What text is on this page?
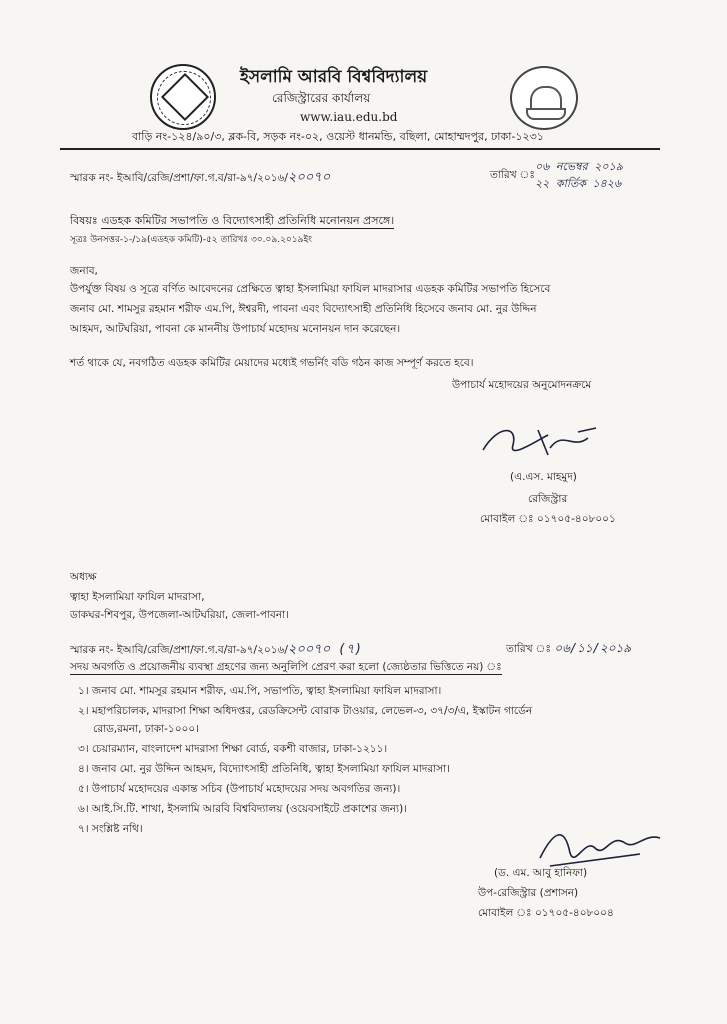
ইসলামি আরবি বিশ্ববিদ্যালয়
রেজিস্ট্রারের কার্যালয়
www.iau.edu.bd
বাড়ি নং-১২৪/৯০/৩, ব্লক-বি, সড়ক নং-০২, ওয়েস্ট ধানমন্ডি, বছিলা, মোহাম্মদপুর, ঢাকা-১২৩১
স্মারক নং- ইআবি/রেজি/প্রশা/ফা.গ.ব/রা-৯৭/২০১৬/২০০৭০	তারিখ ঃ
০৬ নভেম্বর ২০১৯
২২ কার্তিক ১৪২৬
বিষয়ঃ এডহক কমিটির সভাপতি ও বিদ্যোৎসাহী প্রতিনিধি মনোনয়ন প্রসঙ্গে।
সূত্রঃ উনসত্তর-১-/১৯(এডহক কমিটি)-৫২ তারিখঃ ৩০.০৯.২০১৯ইং
জনাব,
উপর্যুক্ত বিষয় ও সূত্রে বর্ণিত আবেদনের প্রেক্ষিতে ত্বাহা ইসলামিয়া ফাযিল মাদরাসার এডহক কমিটির সভাপতি হিসেবে
জনাব মো. শামসুর রহমান শরীফ এম.পি, ঈশ্বরদী, পাবনা এবং বিদ্যোৎসাহী প্রতিনিধি হিসেবে জনাব মো. নুর উদ্দিন
আহমদ, আটঘরিয়া, পাবনা কে মাননীয় উপাচার্য মহোদয় মনোনয়ন দান করেছেন।
শর্ত থাকে যে, নবগঠিত এডহক কমিটির মেয়াদের মধ্যেই গভর্নিং বডি গঠন কাজ সম্পূর্ণ করতে হবে।
উপাচার্য মহোদয়ের অনুমোদনক্রমে
(এ.এস. মাহমুদ)
রেজিস্ট্রার
মোবাইল ঃ ০১৭০৫-৪০৮০০১
অধ্যক্ষ
ত্বাহা ইসলামিয়া ফাযিল মাদরাসা,
ডাকঘর-শিবপুর, উপজেলা-আটঘরিয়া, জেলা-পাবনা।
স্মারক নং- ইআবি/রেজি/প্রশা/ফা.গ.ব/রা-৯৭/২০১৬/২০০৭০ (৭)	তারিখ ঃ ০৬/১১/২০১৯
সদয় অবগতি ও প্রয়োজনীয় ব্যবস্থা গ্রহণের জন্য অনুলিপি প্রেরণ করা হলো (জ্যেষ্ঠতার ভিত্তিতে নয়) ঃ
১। জনাব মো. শামসুর রহমান শরীফ, এম.পি, সভাপতি, ত্বাহা ইসলামিয়া ফাযিল মাদরাসা।
২। মহাপরিচালক, মাদরাসা শিক্ষা অধিদপ্তর, রেডক্রিসেন্ট বোরাক টাওয়ার, লেভেল-৩, ৩৭/৩/এ, ইস্কাটন গার্ডেন
রোড,রমনা, ঢাকা-১০০০।
৩। চেয়ারম্যান, বাংলাদেশ মাদরাসা শিক্ষা বোর্ড, বকশী বাজার, ঢাকা-১২১১।
৪। জনাব মো. নুর উদ্দিন আহমদ, বিদ্যোৎসাহী প্রতিনিধি, ত্বাহা ইসলামিয়া ফাযিল মাদরাসা।
৫। উপাচার্য মহোদয়ের একান্ত সচিব (উপাচার্য মহোদয়ের সদয় অবগতির জন্য)।
৬। আই.সি.টি. শাখা, ইসলামি আরবি বিশ্ববিদ্যালয় (ওয়েবসাইটে প্রকাশের জন্য)।
৭। সংশ্লিষ্ট নথি।
(ড. এম. আবু হানিফা)
উপ-রেজিস্ট্রার (প্রশাসন)
মোবাইল ঃ ০১৭০৫-৪০৮০০৪
